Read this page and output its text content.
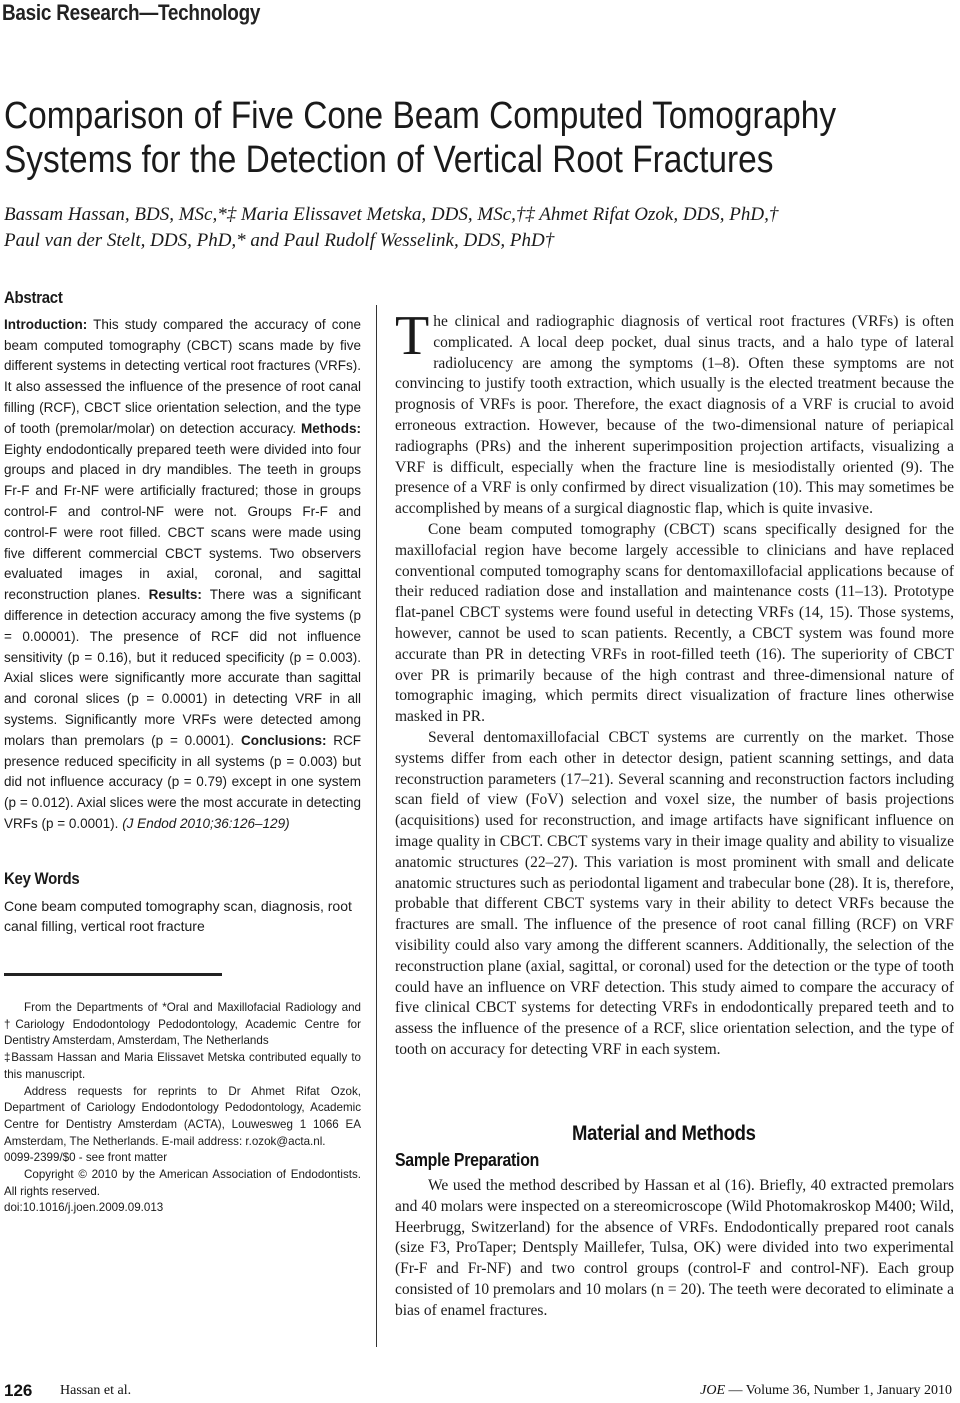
Basic Research—Technology
Comparison of Five Cone Beam Computed Tomography
Systems for the Detection of Vertical Root Fractures
Bassam Hassan, BDS, MSc,*‡ Maria Elissavet Metska, DDS, MSc,†‡ Ahmet Rifat Ozok, DDS, PhD,†
Paul van der Stelt, DDS, PhD,* and Paul Rudolf Wesselink, DDS, PhD†
Abstract

Introduction: This study compared the accuracy of cone beam computed tomography (CBCT) scans made by five different systems in detecting vertical root fractures (VRFs). It also assessed the influence of the presence of root canal filling (RCF), CBCT slice orientation selection, and the type of tooth (premolar/molar) on detection accuracy. Methods: Eighty endodontically prepared teeth were divided into four groups and placed in dry mandibles. The teeth in groups Fr-F and Fr-NF were artificially fractured; those in groups control-F and control-NF were not. Groups Fr-F and control-F were root filled. CBCT scans were made using five different commercial CBCT systems. Two observers evaluated images in axial, coronal, and sagittal reconstruction planes. Results: There was a significant difference in detection accuracy among the five systems (p = 0.00001). The presence of RCF did not influence sensitivity (p = 0.16), but it reduced specificity (p = 0.003). Axial slices were significantly more accurate than sagittal and coronal slices (p = 0.0001) in detecting VRF in all systems. Significantly more VRFs were detected among molars than premolars (p = 0.0001). Conclusions: RCF presence reduced specificity in all systems (p = 0.003) but did not influence accuracy (p = 0.79) except in one system (p = 0.012). Axial slices were the most accurate in detecting VRFs (p = 0.0001). (J Endod 2010;36:126–129)

Key Words

Cone beam computed tomography scan, diagnosis, root canal filling, vertical root fracture

From the Departments of *Oral and Maxillofacial Radiology and †Cariology Endodontology Pedodontology, Academic Centre for Dentistry Amsterdam, Amsterdam, The Netherlands

‡Bassam Hassan and Maria Elissavet Metska contributed equally to this manuscript.

Address requests for reprints to Dr Ahmet Rifat Ozok, Department of Cariology Endodontology Pedodontology, Academic Centre for Dentistry Amsterdam (ACTA), Louwesweg 1 1066 EA Amsterdam, The Netherlands. E-mail address: r.ozok@acta.nl.

0099-2399/$0 - see front matter

Copyright © 2010 by the American Association of Endodontists. All rights reserved.

doi:10.1016/j.joen.2009.09.013

The clinical and radiographic diagnosis of vertical root fractures (VRFs) is often complicated. A local deep pocket, dual sinus tracts, and a halo type of lateral radiolucency are among the symptoms (1–8). Often these symptoms are not convincing to justify tooth extraction, which usually is the elected treatment because the prognosis of VRFs is poor. Therefore, the exact diagnosis of a VRF is crucial to avoid erroneous extraction. However, because of the two-dimensional nature of periapical radiographs (PRs) and the inherent superimposition projection artifacts, visualizing a VRF is difficult, especially when the fracture line is mesiodistally oriented (9). The presence of a VRF is only confirmed by direct visualization (10). This may sometimes be accomplished by means of a surgical diagnostic flap, which is quite invasive.

Cone beam computed tomography (CBCT) scans specifically designed for the maxillofacial region have become largely accessible to clinicians and have replaced conventional computed tomography scans for dentomaxillofacial applications because of their reduced radiation dose and installation and maintenance costs (11–13). Prototype flat-panel CBCT systems were found useful in detecting VRFs (14, 15). Those systems, however, cannot be used to scan patients. Recently, a CBCT system was found more accurate than PR in detecting VRFs in root-filled teeth (16). The superiority of CBCT over PR is primarily because of the high contrast and three-dimensional nature of tomographic imaging, which permits direct visualization of fracture lines otherwise masked in PR.

Several dentomaxillofacial CBCT systems are currently on the market. Those systems differ from each other in detector design, patient scanning settings, and data reconstruction parameters (17–21). Several scanning and reconstruction factors including scan field of view (FoV) selection and voxel size, the number of basis projections (acquisitions) used for reconstruction, and image artifacts have significant influence on image quality in CBCT. CBCT systems vary in their image quality and ability to visualize anatomic structures (22–27). This variation is most prominent with small and delicate anatomic structures such as periodontal ligament and trabecular bone (28). It is, therefore, probable that different CBCT systems vary in their ability to detect VRFs because the fractures are small. The influence of the presence of root canal filling (RCF) on VRF visibility could also vary among the different scanners. Additionally, the selection of the reconstruction plane (axial, sagittal, or coronal) used for the detection or the type of tooth could have an influence on VRF detection. This study aimed to compare the accuracy of five clinical CBCT systems for detecting VRFs in endodontically prepared teeth and to assess the influence of the presence of a RCF, slice orientation selection, and the type of tooth on accuracy for detecting VRF in each system.

Material and Methods
Sample Preparation

We used the method described by Hassan et al (16). Briefly, 40 extracted premolars and 40 molars were inspected on a stereomicroscope (Wild Photomakroskop M400; Wild, Heerbrugg, Switzerland) for the absence of VRFs. Endodontically prepared root canals (size F3, ProTaper; Dentsply Maillefer, Tulsa, OK) were divided into two experimental (Fr-F and Fr-NF) and two control groups (control-F and control-NF). Each group consisted of 10 premolars and 10 molars (n = 20). The teeth were decorated to eliminate a bias of enamel fractures.

126 Hassan et al.	JOE — Volume 36, Number 1, January 2010
